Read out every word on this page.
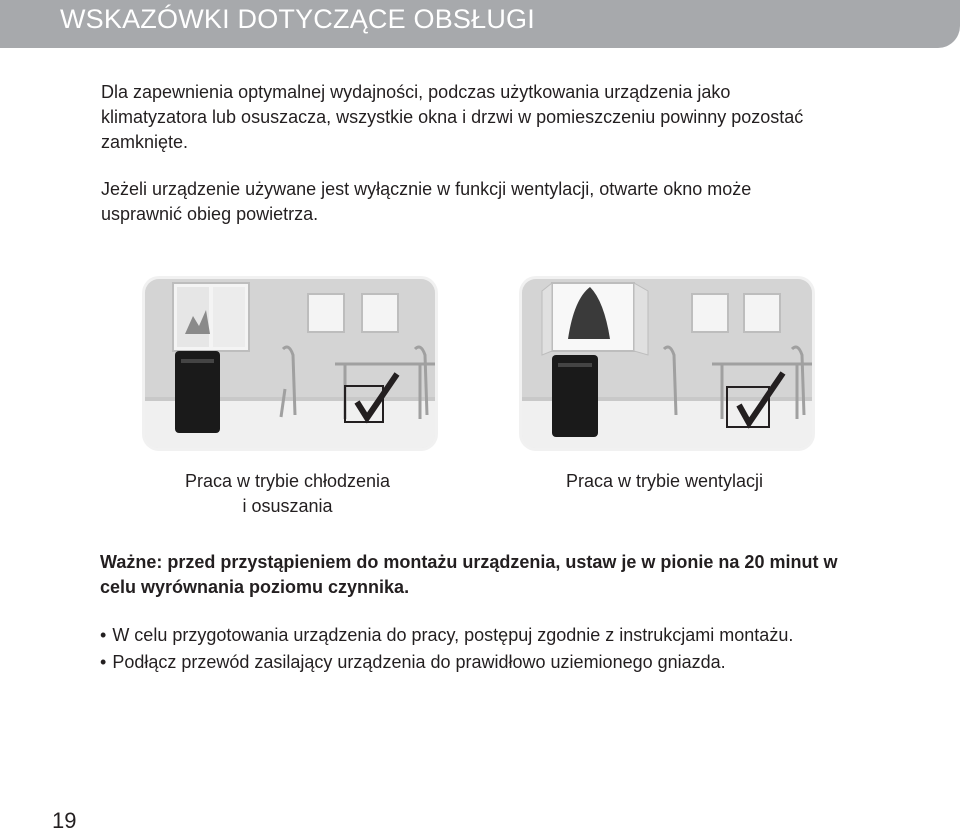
WSKAZÓWKI DOTYCZĄCE OBSŁUGI
Dla zapewnienia optymalnej wydajności, podczas użytkowania urządzenia jako klimatyzatora lub osuszacza, wszystkie okna i drzwi w pomieszczeniu powinny pozostać zamknięte.
Jeżeli urządzenie używane jest wyłącznie w funkcji wentylacji, otwarte okno może usprawnić obieg powietrza.
Praca w trybie chłodzenia
i osuszania
Praca w trybie wentylacji
Ważne: przed przystąpieniem do montażu urządzenia, ustaw je w pionie na 20 minut w celu wyrównania poziomu czynnika.
• W celu przygotowania urządzenia do pracy, postępuj zgodnie z instrukcjami montażu.
• Podłącz przewód zasilający urządzenia do prawidłowo uziemionego gniazda.
19
